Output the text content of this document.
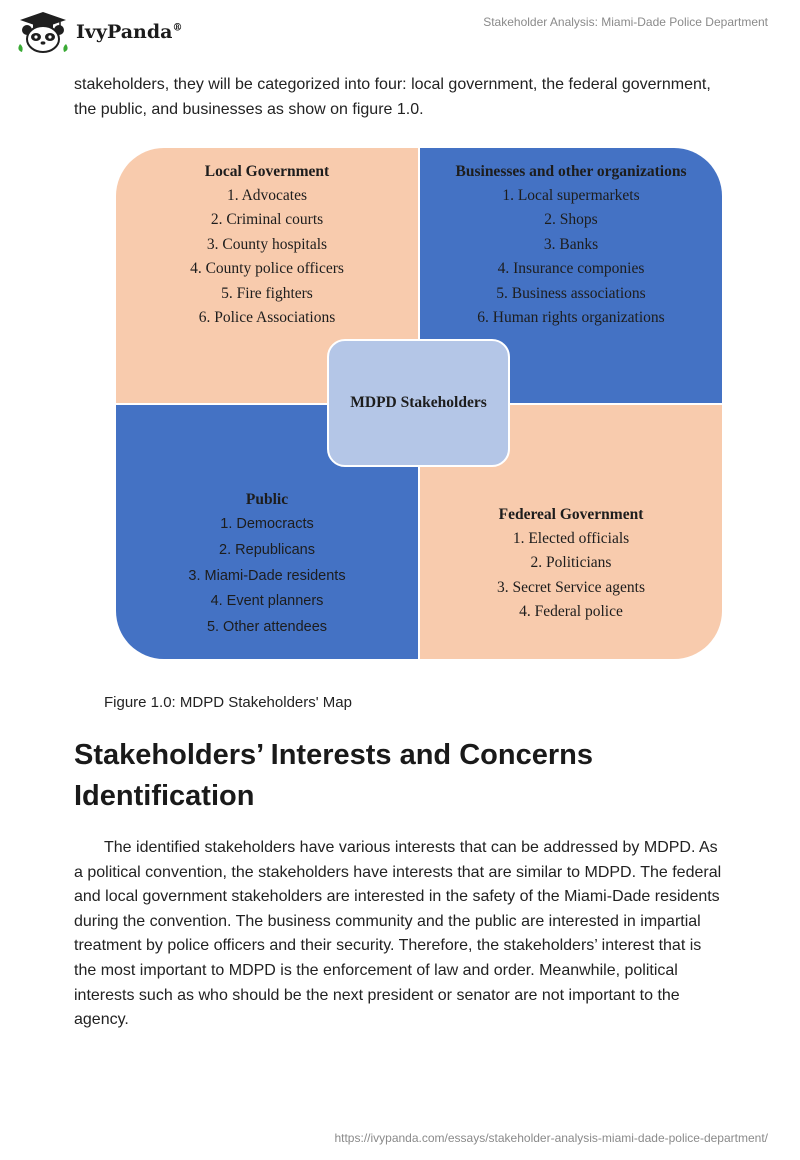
IvyPanda®	Stakeholder Analysis: Miami-Dade Police Department

stakeholders, they will be categorized into four: local government, the federal government, the public, and businesses as show on figure 1.0.

Local Government
1. Advocates
2. Criminal courts
3. County hospitals
4. County police officers
5. Fire fighters
6. Police Associations
Businesses and other organizations
1. Local supermarkets
2. Shops
3. Banks
4. Insurance componies
5. Business associations
6. Human rights organizations
Public
1. Democracts
2. Republicans
3. Miami-Dade residents
4. Event planners
5. Other attendees
Federeal Government
1. Elected officials
2. Politicians
3. Secret Service agents
4. Federal police
MDPD Stakeholders
Figure 1.0: MDPD Stakeholders' Map
Stakeholders’ Interests and Concerns Identification

The identified stakeholders have various interests that can be addressed by MDPD. As a political convention, the stakeholders have interests that are similar to MDPD. The federal and local government stakeholders are interested in the safety of the Miami-Dade residents during the convention. The business community and the public are interested in impartial treatment by police officers and their security. Therefore, the stakeholders’ interest that is the most important to MDPD is the enforcement of law and order. Meanwhile, political interests such as who should be the next president or senator are not important to the agency.

https://ivypanda.com/essays/stakeholder-analysis-miami-dade-police-department/
